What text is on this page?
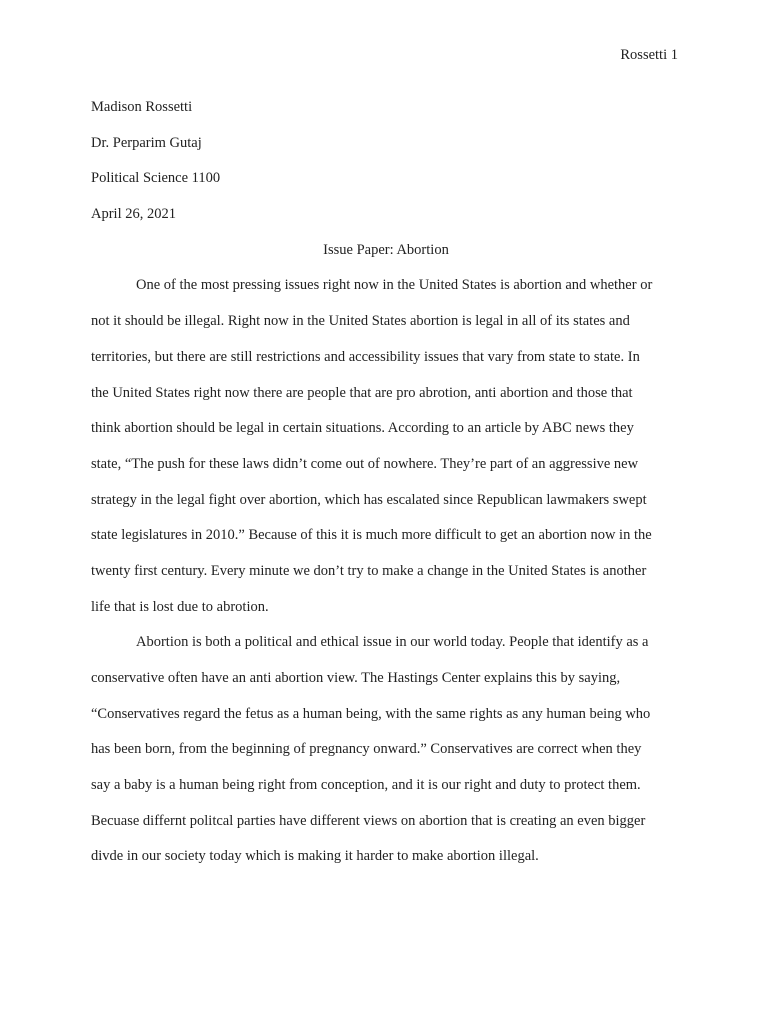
Rossetti 1
Madison Rossetti
Dr. Perparim Gutaj
Political Science 1100
April 26, 2021
Issue Paper: Abortion
One of the most pressing issues right now in the United States is abortion and whether or
not it should be illegal. Right now in the United States abortion is legal in all of its states and
territories, but there are still restrictions and accessibility issues that vary from state to state. In
the United States right now there are people that are pro abrotion, anti abortion and those that
think abortion should be legal in certain situations. According to an article by ABC news they
state, “The push for these laws didn’t come out of nowhere. They’re part of an aggressive new
strategy in the legal fight over abortion, which has escalated since Republican lawmakers swept
state legislatures in 2010.” Because of this it is much more difficult to get an abortion now in the
twenty first century. Every minute we don’t try to make a change in the United States is another
life that is lost due to abrotion.
Abortion is both a political and ethical issue in our world today. People that identify as a
conservative often have an anti abortion view. The Hastings Center explains this by saying,
“Conservatives regard the fetus as a human being, with the same rights as any human being who
has been born, from the beginning of pregnancy onward.” Conservatives are correct when they
say a baby is a human being right from conception, and it is our right and duty to protect them.
Becuase differnt politcal parties have different views on abortion that is creating an even bigger
divde in our society today which is making it harder to make abortion illegal.
